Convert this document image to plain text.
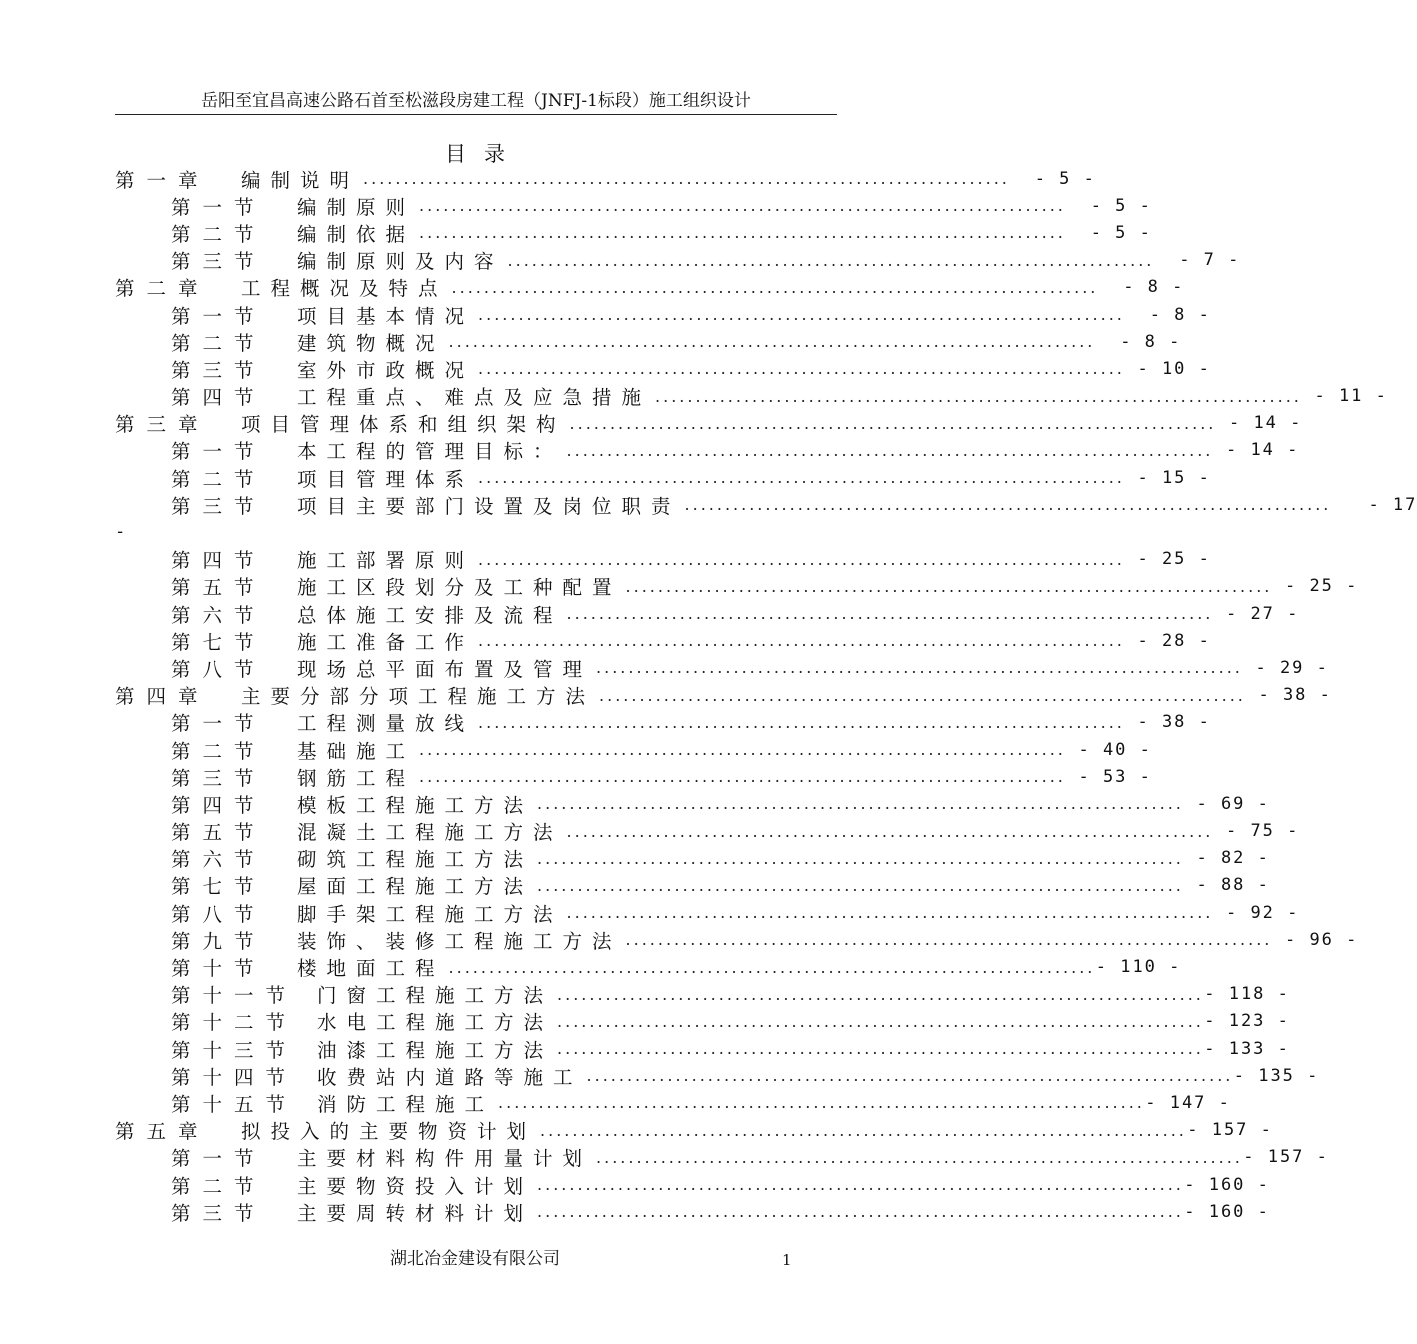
岳阳至宜昌高速公路石首至松滋段房建工程（JNFJ-1标段）施工组织设计
目录
第一章	编制说明 ................................................................................	- 5 -
第一节	编制原则 ................................................................................	- 5 -
第二节	编制依据 ................................................................................	- 5 -
第三节	编制原则及内容 ................................................................................	- 7 -
第二章	工程概况及特点 ................................................................................	- 8 -
第一节	项目基本情况 ................................................................................	- 8 -
第二节	建筑物概况 ................................................................................	- 8 -
第三节	室外市政概况 ................................................................................ - 10 -
第四节	工程重点、难点及应急措施 ................................................................................ - 11 -
第三章	项目管理体系和组织架构 ................................................................................ - 14 -
第一节	本工程的管理目标： ................................................................................ - 14 -
第二节	项目管理体系 ................................................................................ - 15 -
第三节	项目主要部门设置及岗位职责 ................................................................................	- 17
-
第四节	施工部署原则 ................................................................................ - 25 -
第五节	施工区段划分及工种配置 ................................................................................ - 25 -
第六节	总体施工安排及流程 ................................................................................ - 27 -
第七节	施工准备工作 ................................................................................ - 28 -
第八节	现场总平面布置及管理 ................................................................................ - 29 -
第四章	主要分部分项工程施工方法 ................................................................................ - 38 -
第一节	工程测量放线 ................................................................................ - 38 -
第二节	基础施工 ................................................................................ - 40 -
第三节	钢筋工程 ................................................................................ - 53 -
第四节	模板工程施工方法 ................................................................................ - 69 -
第五节	混凝土工程施工方法 ................................................................................ - 75 -
第六节	砌筑工程施工方法 ................................................................................ - 82 -
第七节	屋面工程施工方法 ................................................................................ - 88 -
第八节	脚手架工程施工方法 ................................................................................ - 92 -
第九节	装饰、装修工程施工方法 ................................................................................ - 96 -
第十节	楼地面工程 ................................................................................ - 110 -
第十一节	门窗工程施工方法 ................................................................................ - 118 -
第十二节	水电工程施工方法 ................................................................................ - 123 -
第十三节	油漆工程施工方法 ................................................................................ - 133 -
第十四节	收费站内道路等施工 ................................................................................ - 135 -
第十五节	消防工程施工 ................................................................................ - 147 -
第五章	拟投入的主要物资计划 ................................................................................ - 157 -
第一节	主要材料构件用量计划 ................................................................................ - 157 -
第二节	主要物资投入计划 ................................................................................ - 160 -
第三节	主要周转材料计划 ................................................................................ - 160 -
湖北冶金建设有限公司	1
